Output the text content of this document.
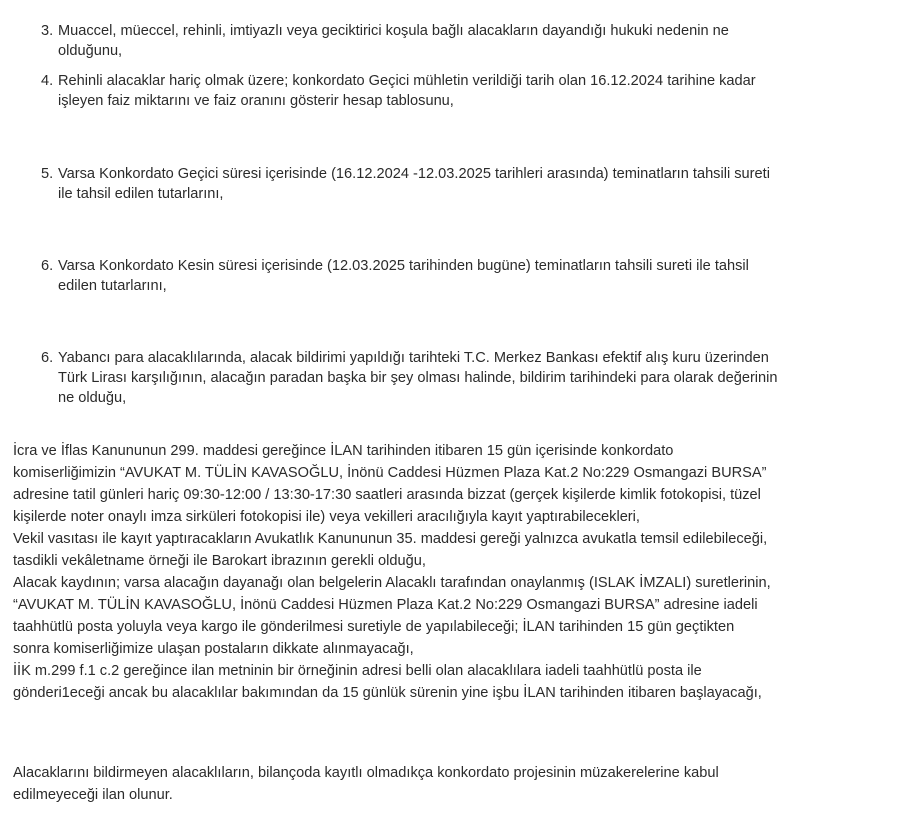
3. Muaccel, müeccel, rehinli, imtiyazlı veya geciktirici koşula bağlı alacakların dayandığı hukuki nedenin ne
olduğunu,
4. Rehinli alacaklar hariç olmak üzere; konkordato Geçici mühletin verildiği tarih olan 16.12.2024 tarihine kadar
işleyen faiz miktarını ve faiz oranını gösterir hesap tablosunu,
5. Varsa Konkordato Geçici süresi içerisinde (16.12.2024 -12.03.2025 tarihleri arasında) teminatların tahsili sureti
ile tahsil edilen tutarlarını,
6. Varsa Konkordato Kesin süresi içerisinde (12.03.2025 tarihinden bugüne) teminatların tahsili sureti ile tahsil
edilen tutarlarını,
6. Yabancı para alacaklılarında, alacak bildirimi yapıldığı tarihteki T.C. Merkez Bankası efektif alış kuru üzerinden
Türk Lirası karşılığının, alacağın paradan başka bir şey olması halinde, bildirim tarihindeki para olarak değerinin
ne olduğu,

İcra ve İflas Kanununun 299. maddesi gereğince İLAN tarihinden itibaren 15 gün içerisinde konkordato
komiserliğimizin “AVUKAT M. TÜLİN KAVASOĞLU, İnönü Caddesi Hüzmen Plaza Kat.2 No:229 Osmangazi BURSA”
adresine tatil günleri hariç 09:30-12:00 / 13:30-17:30 saatleri arasında bizzat (gerçek kişilerde kimlik fotokopisi, tüzel
kişilerde noter onaylı imza sirküleri fotokopisi ile) veya vekilleri aracılığıyla kayıt yaptırabilecekleri,
Vekil vasıtası ile kayıt yaptıracakların Avukatlık Kanununun 35. maddesi gereği yalnızca avukatla temsil edilebileceği,
tasdikli vekâletname örneği ile Barokart ibrazının gerekli olduğu,
Alacak kaydının; varsa alacağın dayanağı olan belgelerin Alacaklı tarafından onaylanmış (ISLAK İMZALI) suretlerinin,
“AVUKAT M. TÜLİN KAVASOĞLU, İnönü Caddesi Hüzmen Plaza Kat.2 No:229 Osmangazi BURSA” adresine iadeli
taahhütlü posta yoluyla veya kargo ile gönderilmesi suretiyle de yapılabileceği; İLAN tarihinden 15 gün geçtikten
sonra komiserliğimize ulaşan postaların dikkate alınmayacağı,
İİK m.299 f.1 c.2 gereğince ilan metninin bir örneğinin adresi belli olan alacaklılara iadeli taahhütlü posta ile
gönderi1eceği ancak bu alacaklılar bakımından da 15 günlük sürenin yine işbu İLAN tarihinden itibaren başlayacağı,

Alacaklarını bildirmeyen alacaklıların, bilançoda kayıtlı olmadıkça konkordato projesinin müzakerelerine kabul
edilmeyeceği ilan olunur.
